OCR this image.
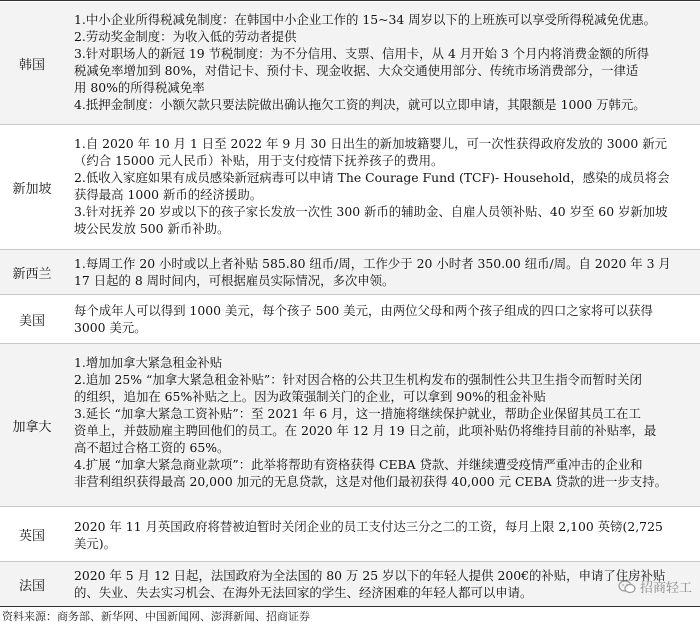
韩国
1.中小企业所得税减免制度：在韩国中小企业工作的 15~34 周岁以下的上班族可以享受所得税减免优惠。
2.劳动奖金制度：为收入低的劳动者提供
3.针对职场人的新冠 19 节税制度：为不分信用、支票、信用卡，从 4 月开始 3 个月内将消费金额的所得
税减免率增加到 80%，对借记卡、预付卡、现金收据、大众交通使用部分、传统市场消费部分，一律适
用 80%的所得税减免率
4.抵押金制度：小额欠款只要法院做出确认拖欠工资的判决，就可以立即申请，其限额是 1000 万韩元。
新加坡
1.自 2020 年 10 月 1 日至 2022 年 9 月 30 日出生的新加坡籍婴儿，可一次性获得政府发放的 3000 新元
（约合 15000 元人民币）补贴，用于支付疫情下抚养孩子的费用。
2.低收入家庭如果有成员感染新冠病毒可以申请 The Courage Fund (TCF)- Household，感染的成员将会
获得最高 1000 新币的经济援助。
3.针对抚养 20 岁或以下的孩子家长发放一次性 300 新币的辅助金、自雇人员领补贴、40 岁至 60 岁新加坡
坡公民发放 500 新币补助。
新西兰
1.每周工作 20 小时或以上者补贴 585.80 纽币/周，工作少于 20 小时者 350.00 纽币/周。自 2020 年 3 月
17 日起的 8 周时间内，可根据雇员实际情况，多次申领。
美国
每个成年人可以得到 1000 美元，每个孩子 500 美元，由两位父母和两个孩子组成的四口之家将可以获得
3000 美元。
加拿大
1.增加加拿大紧急租金补贴
2.追加 25% “加拿大紧急租金补贴”：针对因合格的公共卫生机构发布的强制性公共卫生指令而暂时关闭
的组织，追加在 65%补贴之上。因为政策强制关门的企业，可以拿到 90%的租金补贴
3.延长 “加拿大紧急工资补贴”：至 2021 年 6 月，这一措施将继续保护就业，帮助企业保留其员工在工
资单上，并鼓励雇主聘回他们的员工。在 2020 年 12 月 19 日之前，此项补贴仍将维持目前的补贴率，最
高不超过合格工资的 65%。
4.扩展 “加拿大紧急商业款项”：此举将帮助有资格获得 CEBA 贷款、并继续遭受疫情严重冲击的企业和
非营利组织获得最高 20,000 加元的无息贷款，这是对他们最初获得 40,000 元 CEBA 贷款的进一步支持。
英国
2020 年 11 月英国政府将替被迫暂时关闭企业的员工支付达三分之二的工资，每月上限 2,100 英镑(2,725
美元)。
法国
2020 年 5 月 12 日起，法国政府为全法国的 80 万 25 岁以下的年轻人提供 200€的补贴，申请了住房补贴
的、失业、失去实习机会、在海外无法回家的学生、经济困难的年轻人都可以申请。	招商轻工
资料来源：商务部、新华网、中国新闻网、澎湃新闻、招商证券
